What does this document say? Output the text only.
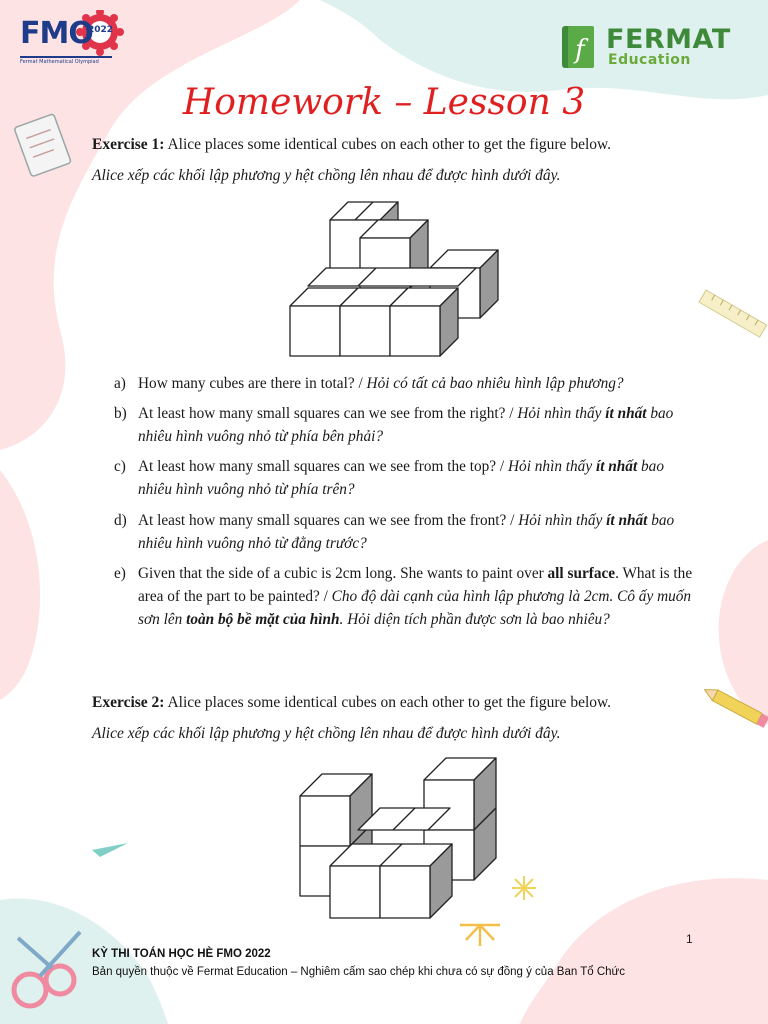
FMO
2022
Fermat Mathematical Olympiad	f FERMAT
Education
Homework – Lesson 3
Exercise 1: Alice places some identical cubes on each other to get the figure below.
Alice xếp các khối lập phương y hệt chồng lên nhau để được hình dưới đây.
a) How many cubes are there in total? / Hỏi có tất cả bao nhiêu hình lập phương?
b) At least how many small squares can we see from the right? / Hỏi nhìn thấy ít nhất bao nhiêu hình vuông nhỏ từ phía bên phải?
c) At least how many small squares can we see from the top? / Hỏi nhìn thấy ít nhất bao nhiêu hình vuông nhỏ từ phía trên?
d) At least how many small squares can we see from the front? / Hỏi nhìn thấy ít nhất bao nhiêu hình vuông nhỏ từ đằng trước?
e) Given that the side of a cubic is 2cm long. She wants to paint over all surface. What is the area of the part to be painted? / Cho độ dài cạnh của hình lập phương là 2cm. Cô ấy muốn sơn lên toàn bộ bề mặt của hình. Hỏi diện tích phần được sơn là bao nhiêu?
Exercise 2: Alice places some identical cubes on each other to get the figure below.
Alice xếp các khối lập phương y hệt chồng lên nhau để được hình dưới đây.
1
KỲ THI TOÁN HỌC HÈ FMO 2022
Bản quyền thuộc về Fermat Education – Nghiêm cấm sao chép khi chưa có sự đồng ý của Ban Tổ Chức
